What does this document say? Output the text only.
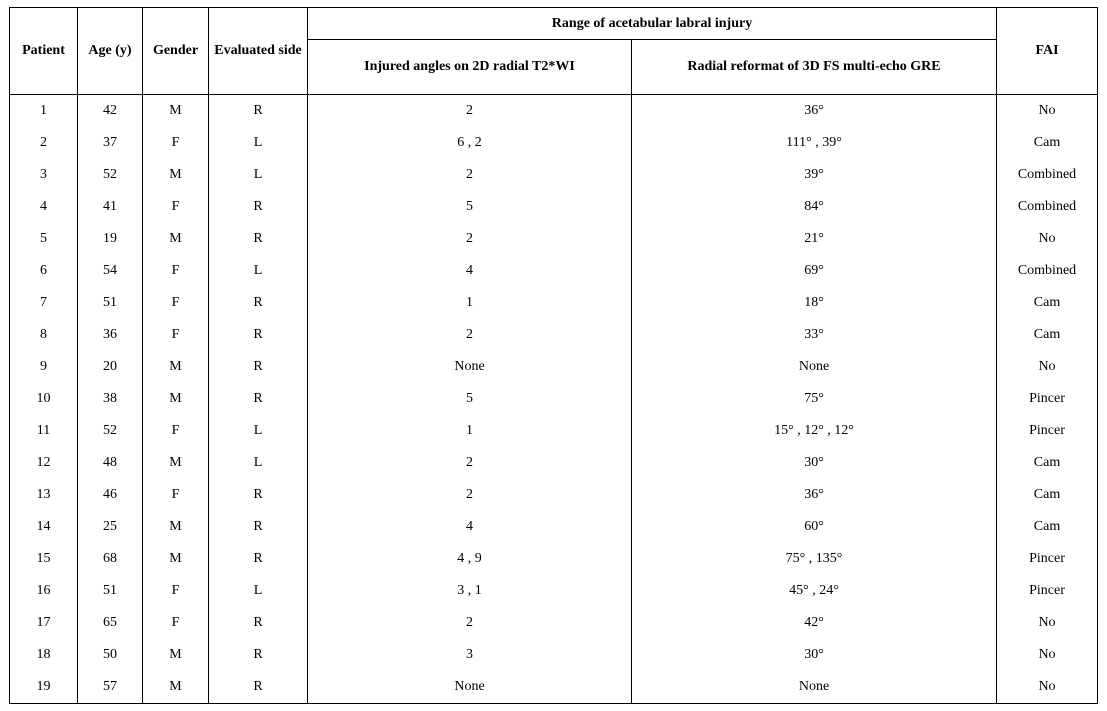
Patient	Age (y)	Gender	Evaluated side	Range of acetabular labral injury		FAI
				Injured angles on 2D radial T2*WI	Radial reformat of 3D FS multi-echo GRE	
1	42	M	R	2	36°	No
2	37	F	L	6 , 2	111° , 39°	Cam
3	52	M	L	2	39°	Combined
4	41	F	R	5	84°	Combined
5	19	M	R	2	21°	No
6	54	F	L	4	69°	Combined
7	51	F	R	1	18°	Cam
8	36	F	R	2	33°	Cam
9	20	M	R	None	None	No
10	38	M	R	5	75°	Pincer
11	52	F	L	1	15° , 12° , 12°	Pincer
12	48	M	L	2	30°	Cam
13	46	F	R	2	36°	Cam
14	25	M	R	4	60°	Cam
15	68	M	R	4 , 9	75° , 135°	Pincer
16	51	F	L	3 , 1	45° , 24°	Pincer
17	65	F	R	2	42°	No
18	50	M	R	3	30°	No
19	57	M	R	None	None	No
